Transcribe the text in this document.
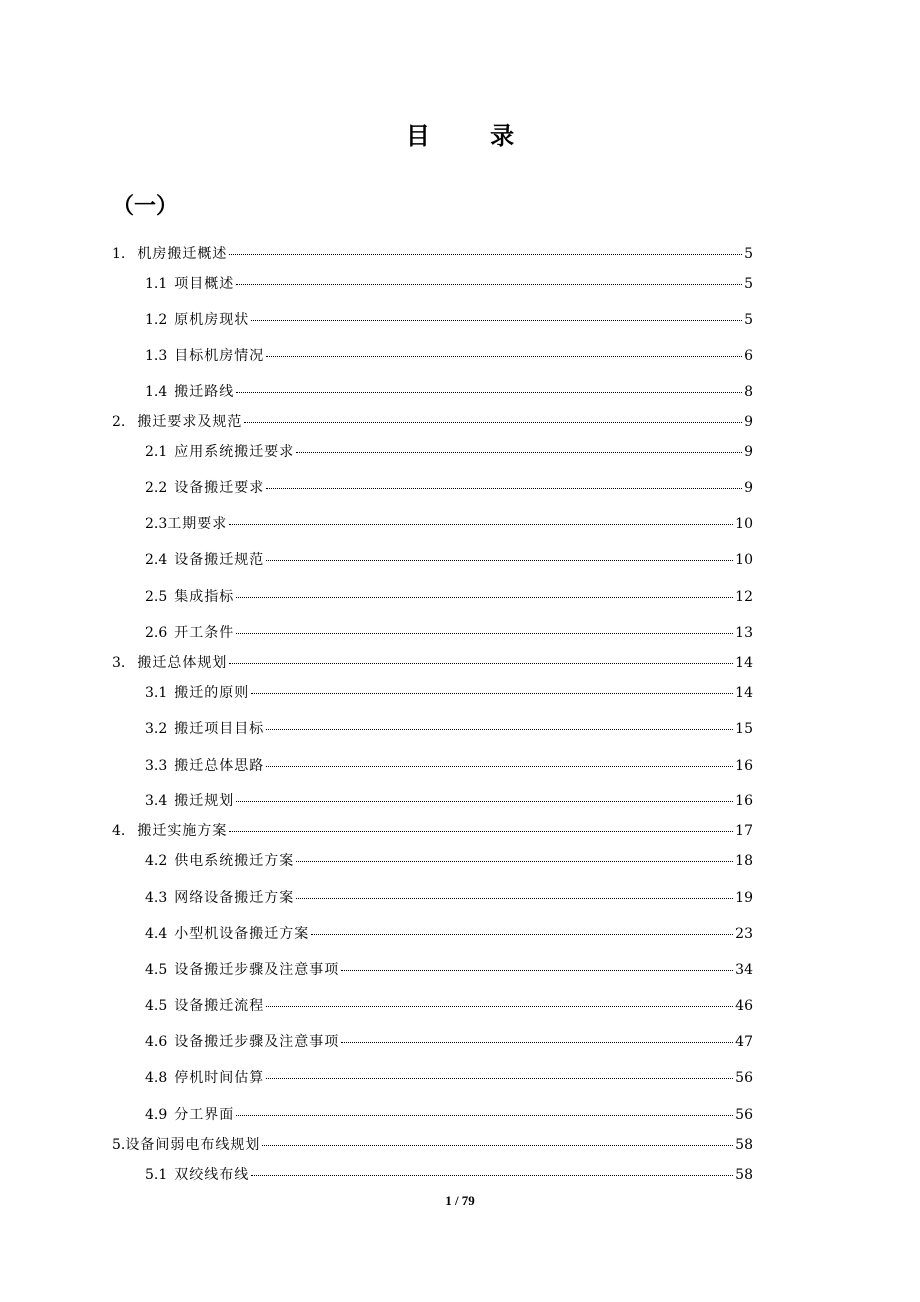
目 录
（一）
1. 机房搬迁概述	5
1.1 项目概述	5
1.2 原机房现状	5
1.3 目标机房情况	6
1.4 搬迁路线	8
2. 搬迁要求及规范	9
2.1 应用系统搬迁要求	9
2.2 设备搬迁要求	9
2.3 工期要求	10
2.4 设备搬迁规范	10
2.5 集成指标	12
2.6 开工条件	13
3. 搬迁总体规划	14
3.1 搬迁的原则	14
3.2 搬迁项目目标	15
3.3 搬迁总体思路	16
3.4 搬迁规划	16
4. 搬迁实施方案	17
4.2 供电系统搬迁方案	18
4.3 网络设备搬迁方案	19
4.4 小型机设备搬迁方案	23
4.5 设备搬迁步骤及注意事项	34
4.5 设备搬迁流程	46
4.6 设备搬迁步骤及注意事项	47
4.8 停机时间估算	56
4.9 分工界面	56
5. 设备间弱电布线规划	58
5.1 双绞线布线	58
1 / 79
